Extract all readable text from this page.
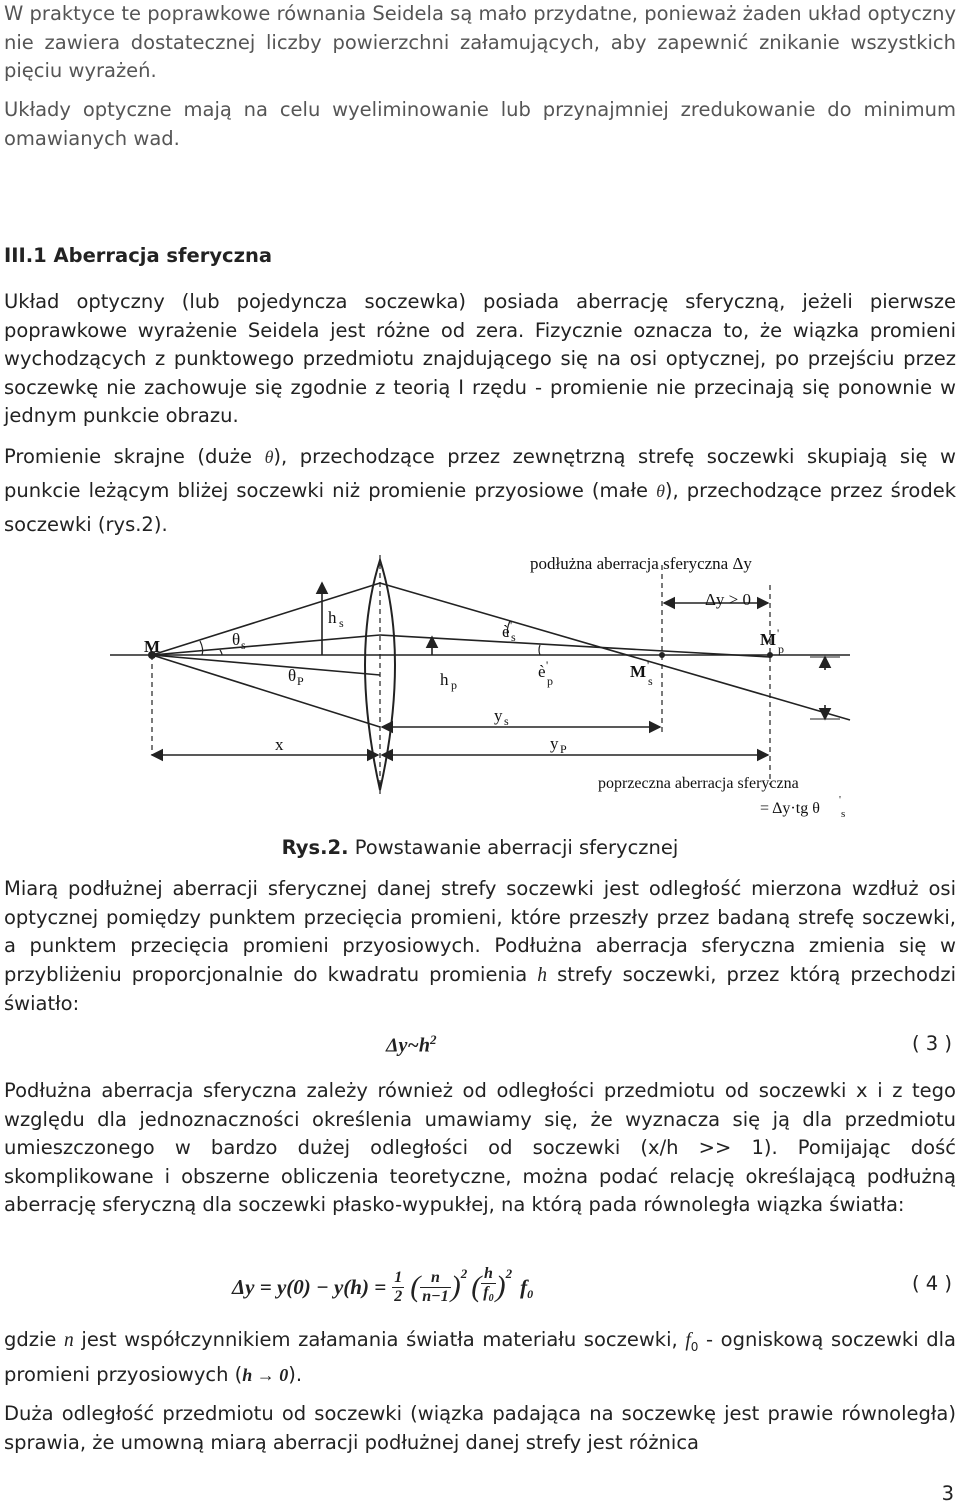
W praktyce te poprawkowe równania Seidela są mało przydatne, ponieważ żaden układ optyczny nie zawiera dostatecznej liczby powierzchni załamujących, aby zapewnić znikanie wszystkich pięciu wyrażeń.

Układy optyczne mają na celu wyeliminowanie lub przynajmniej zredukowanie do minimum omawianych wad.

III.1 Aberracja sferyczna

Układ optyczny (lub pojedyncza soczewka) posiada aberrację sferyczną, jeżeli pierwsze poprawkowe wyrażenie Seidela jest różne od zera. Fizycznie oznacza to, że wiązka promieni wychodzących z punktowego przedmiotu znajdującego się na osi optycznej, po przejściu przez soczewkę nie zachowuje się zgodnie z teorią I rzędu - promienie nie przecinają się ponownie w jednym punkcie obrazu.

Promienie skrajne (duże θ), przechodzące przez zewnętrzną strefę soczewki skupiają się w punkcie leżącym bliżej soczewki niż promienie przyosiowe (małe θ), przechodzące przez środek soczewki (rys.2).

podłużna aberracja sferyczna Δy
Δy > 0
M	M '
p
M '
s
h s
h p
θ s
θ P
è '
s
è '
p
y s
y P
x
poprzeczna aberracja sferyczna
= Δy·tg θ '
s
Rys.2. Powstawanie aberracji sferycznej

Miarą podłużnej aberracji sferycznej danej strefy soczewki jest odległość mierzona wzdłuż osi optycznej pomiędzy punktem przecięcia promieni, które przeszły przez badaną strefę soczewki, a punktem przecięcia promieni przyosiowych. Podłużna aberracja sferyczna zmienia się w przybliżeniu proporcjonalnie do kwadratu promienia h strefy soczewki, przez którą przechodzi światło:

$\Delta y\sim h^2$	( 3 )

Podłużna aberracja sferyczna zależy również od odległości przedmiotu od soczewki x i z tego względu dla jednoznaczności określenia umawiamy się, że wyznacza się ją dla przedmiotu umieszczonego w bardzo dużej odległości od soczewki (x/h >> 1). Pomijając dość skomplikowane i obszerne obliczenia teoretyczne, można podać relację określającą podłużną aberrację sferyczną dla soczewki płasko-wypukłej, na którą pada równoległa wiązka światła:

$\Delta y = y(0) - y(h) = \frac{1}{2}$ ( n
n−1 )$^2$ ( h
$f_0$ )$^2$
$f_0$	( 4 )

gdzie n jest współczynnikiem załamania światła materiału soczewki, $f_0$ - ogniskową soczewki dla promieni przyosiowych (h → 0).

Duża odległość przedmiotu od soczewki (wiązka padająca na soczewkę jest prawie równoległa) sprawia, że umowną miarą aberracji podłużnej danej strefy jest różnica

3
